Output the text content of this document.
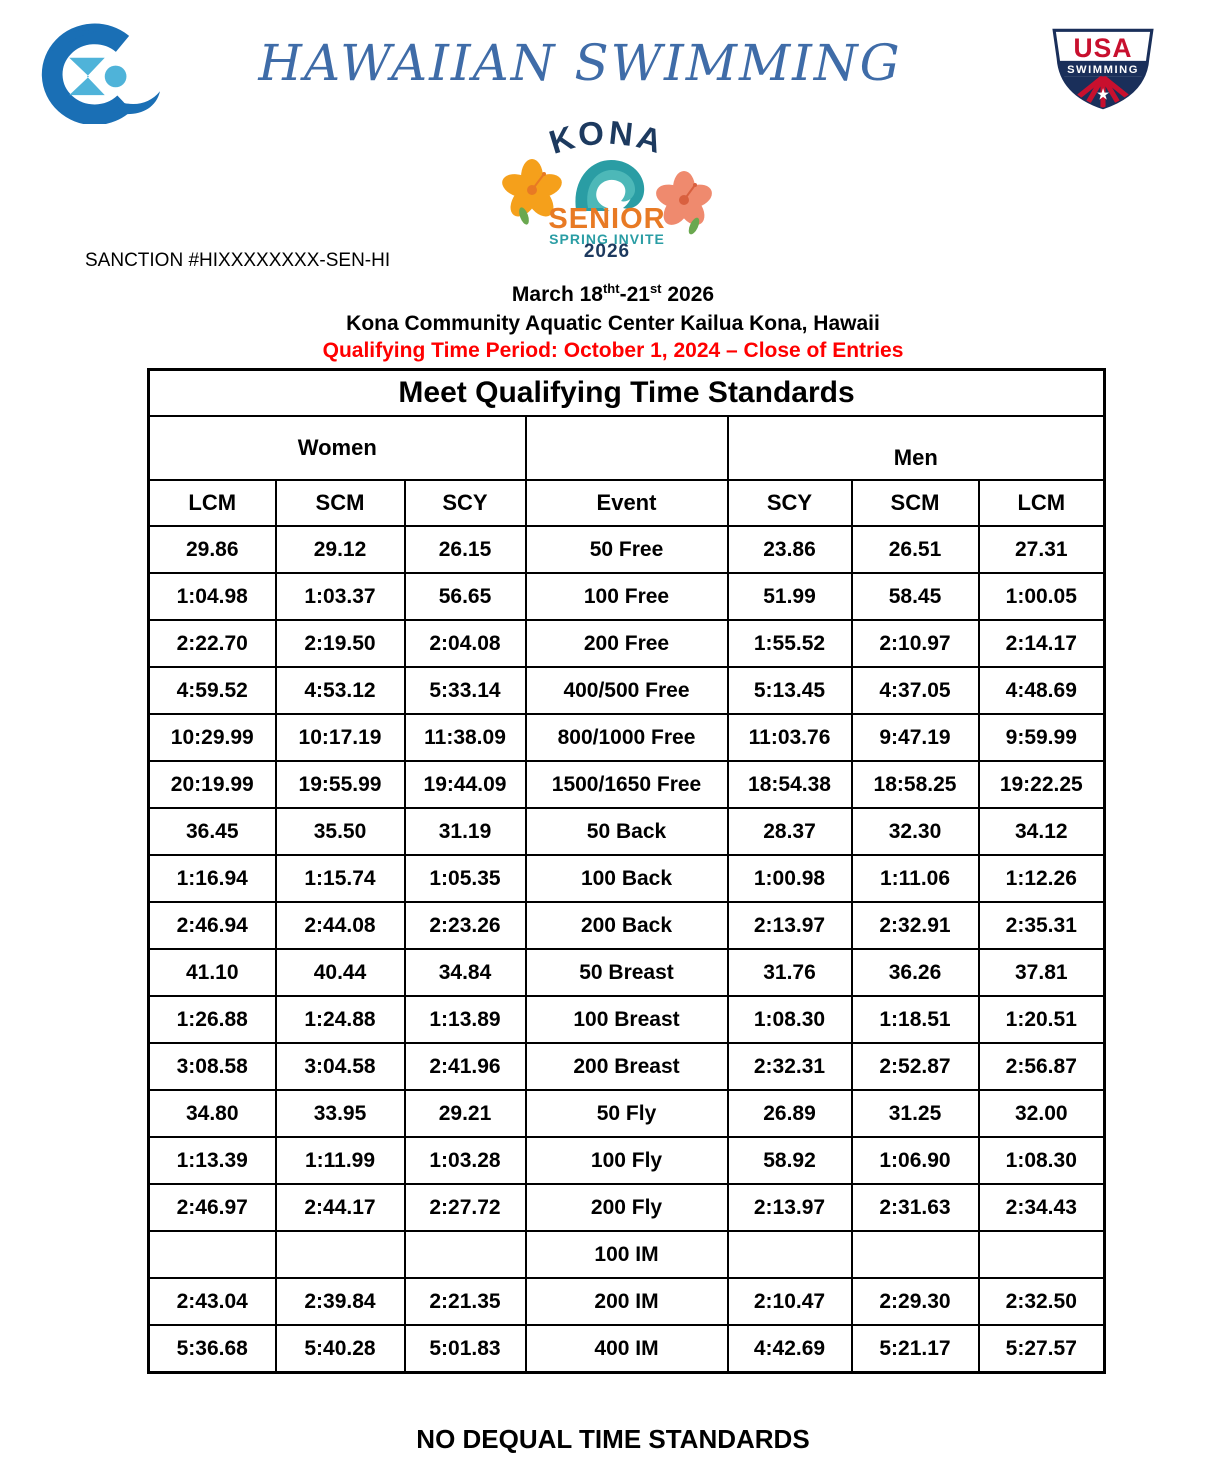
HAWAIIAN SWIMMING	USA
SWIMMING
★
KONA
SENIOR
SPRING INVITE
2026
SANCTION #HIXXXXXXXX-SEN-HI
March $18^{tht}-21st$ 2026
Kona Community Aquatic Center Kailua Kona, Hawaii
Qualifying Time Period: October 1, 2024 – Close of Entries
Meet Qualifying Time Standards						
Women				Men		
LCM	SCM	SCY	Event	SCY	SCM	LCM
29.86	29.12	26.15	50 Free	23.86	26.51	27.31
1:04.98	1:03.37	56.65	100 Free	51.99	58.45	1:00.05
2:22.70	2:19.50	2:04.08	200 Free	1:55.52	2:10.97	2:14.17
4:59.52	4:53.12	5:33.14	400/500 Free	5:13.45	4:37.05	4:48.69
10:29.99	10:17.19	11:38.09	800/1000 Free	11:03.76	9:47.19	9:59.99
20:19.99	19:55.99	19:44.09	1500/1650 Free	18:54.38	18:58.25	19:22.25
36.45	35.50	31.19	50 Back	28.37	32.30	34.12
1:16.94	1:15.74	1:05.35	100 Back	1:00.98	1:11.06	1:12.26
2:46.94	2:44.08	2:23.26	200 Back	2:13.97	2:32.91	2:35.31
41.10	40.44	34.84	50 Breast	31.76	36.26	37.81
1:26.88	1:24.88	1:13.89	100 Breast	1:08.30	1:18.51	1:20.51
3:08.58	3:04.58	2:41.96	200 Breast	2:32.31	2:52.87	2:56.87
34.80	33.95	29.21	50 Fly	26.89	31.25	32.00
1:13.39	1:11.99	1:03.28	100 Fly	58.92	1:06.90	1:08.30
2:46.97	2:44.17	2:27.72	200 Fly	2:13.97	2:31.63	2:34.43
			100 IM			
2:43.04	2:39.84	2:21.35	200 IM	2:10.47	2:29.30	2:32.50
5:36.68	5:40.28	5:01.83	400 IM	4:42.69	5:21.17	5:27.57
NO DEQUAL TIME STANDARDS
